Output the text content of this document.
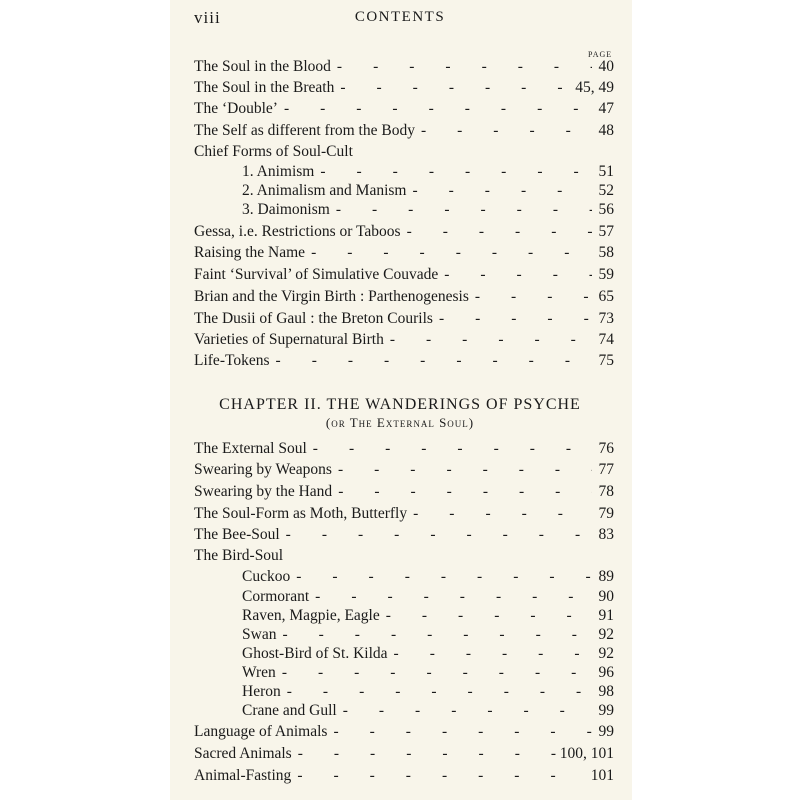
viii	CONTENTS
PAGE
The Soul in the Blood -	40
The Soul in the Breath -	45, 49
The ‘Double’ -	47
The Self as different from the Body -	48
Chief Forms of Soul-Cult
1. Animism -	51
2. Animalism and Manism -	52
3. Daimonism -	56
Gessa, i.e. Restrictions or Taboos -	57
Raising the Name -	58
Faint ‘Survival’ of Simulative Couvade -	59
Brian and the Virgin Birth : Parthenogenesis -	65
The Dusii of Gaul : the Breton Courils -	73
Varieties of Supernatural Birth -	74
Life-Tokens -	75
CHAPTER II. THE WANDERINGS OF PSYCHE
(or The External Soul)
The External Soul -	76
Swearing by Weapons -	77
Swearing by the Hand -	78
The Soul-Form as Moth, Butterfly -	79
The Bee-Soul -	83
The Bird-Soul
Cuckoo -	89
Cormorant -	90
Raven, Magpie, Eagle -	91
Swan -	92
Ghost-Bird of St. Kilda -	92
Wren -	96
Heron -	98
Crane and Gull -	99
Language of Animals -	99
Sacred Animals -	100, 101
Animal-Fasting -	101
